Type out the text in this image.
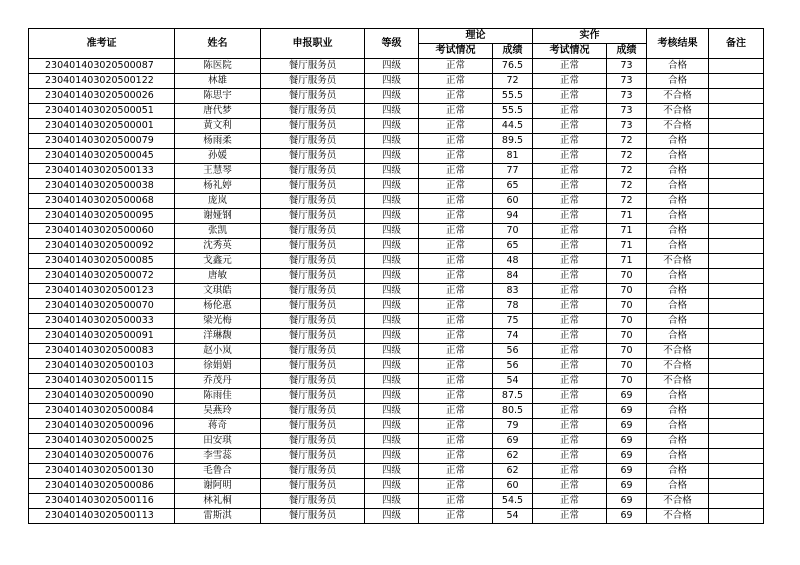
准考证	姓名	申报职业	等级	理论		实作		考核结果	备注
				考试情况	成绩	考试情况	成绩		
230401403020500087	陈医院	餐厅服务员	四级	正常	76.5	正常	73	合格	
230401403020500122	林雄	餐厅服务员	四级	正常	72	正常	73	合格	
230401403020500026	陈思宇	餐厅服务员	四级	正常	55.5	正常	73	不合格	
230401403020500051	唐代梦	餐厅服务员	四级	正常	55.5	正常	73	不合格	
230401403020500001	黄文利	餐厅服务员	四级	正常	44.5	正常	73	不合格	
230401403020500079	杨雨柔	餐厅服务员	四级	正常	89.5	正常	72	合格	
230401403020500045	孙媛	餐厅服务员	四级	正常	81	正常	72	合格	
230401403020500133	王慧琴	餐厅服务员	四级	正常	77	正常	72	合格	
230401403020500038	杨礼婷	餐厅服务员	四级	正常	65	正常	72	合格	
230401403020500068	庞岚	餐厅服务员	四级	正常	60	正常	72	合格	
230401403020500095	谢娅钢	餐厅服务员	四级	正常	94	正常	71	合格	
230401403020500060	张凯	餐厅服务员	四级	正常	70	正常	71	合格	
230401403020500092	沈秀英	餐厅服务员	四级	正常	65	正常	71	合格	
230401403020500085	戈鑫元	餐厅服务员	四级	正常	48	正常	71	不合格	
230401403020500072	唐敏	餐厅服务员	四级	正常	84	正常	70	合格	
230401403020500123	文琪皓	餐厅服务员	四级	正常	83	正常	70	合格	
230401403020500070	杨伦惠	餐厅服务员	四级	正常	78	正常	70	合格	
230401403020500033	梁光梅	餐厅服务员	四级	正常	75	正常	70	合格	
230401403020500091	洋琳馥	餐厅服务员	四级	正常	74	正常	70	合格	
230401403020500083	赵小岚	餐厅服务员	四级	正常	56	正常	70	不合格	
230401403020500103	徐娟娟	餐厅服务员	四级	正常	56	正常	70	不合格	
230401403020500115	乔茂丹	餐厅服务员	四级	正常	54	正常	70	不合格	
230401403020500090	陈雨佳	餐厅服务员	四级	正常	87.5	正常	69	合格	
230401403020500084	吴燕玲	餐厅服务员	四级	正常	80.5	正常	69	合格	
230401403020500096	蒋奇	餐厅服务员	四级	正常	79	正常	69	合格	
230401403020500025	田安琪	餐厅服务员	四级	正常	69	正常	69	合格	
230401403020500076	李雪蕊	餐厅服务员	四级	正常	62	正常	69	合格	
230401403020500130	毛鲁合	餐厅服务员	四级	正常	62	正常	69	合格	
230401403020500086	谢阿明	餐厅服务员	四级	正常	60	正常	69	合格	
230401403020500116	林礼桐	餐厅服务员	四级	正常	54.5	正常	69	不合格	
230401403020500113	雷斯淇	餐厅服务员	四级	正常	54	正常	69	不合格	
